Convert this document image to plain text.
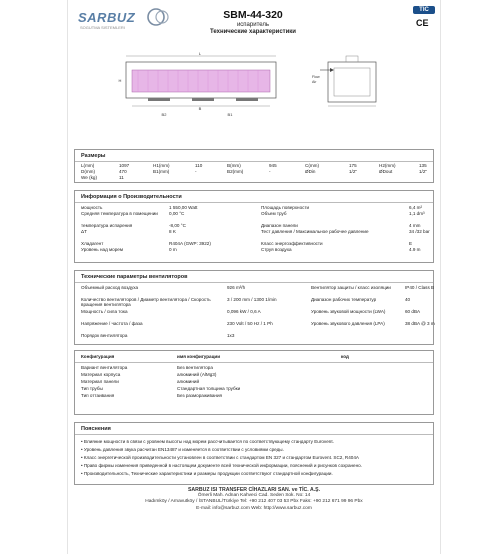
SARBUZ
SOGUTMA SISTEMLERI
SBM-44-320
испаритель
Технические характеристики
TIC
CE
L
B
B2	B1
H
Flow
Air
Размеры
L(mm)	1097	H1(mm)	110	B(mm)	945	C(mm)	175	H2(mm)	135
D(mm)	470	B1(mm)	-	B2(mm)	-	ØDin	1/2"	ØDout	1/2"
We (kg)	11
Информация о Производительности
мощность	1 550,00 Watt
Средняя температура в помещении 0,00 °C
температура испарения	-8,00 °C
ΔT	8 K
Хладагент	R404A (GWP: 3922)
Уровень над морем	0 m
Площадь поверхности	6,4 m²
Объем труб	1,1 dm³
Диапазон панели	4 mm
Тест давления / Максимальное рабочее давление	34 /32 bar
Класс энергоэффективности	E
Струя воздуха	4.9 m
Технические параметры вентиляторов
Объемный расход воздуха	926 m³/h
Количество вентиляторов / Диаметр вентилятора / Скорость вращения вентилятора
3 / 200 mm / 1300 1/min
Мощность / сила тока	0,096 kW / 0,6 A
Напряжение / частота / фаза	230 Volt / 50 Hz / 1 Ph
Порядок вентилятора	1x3
Вентилятор защиты / класс изоляции	IP40 / Class B
Диапазон рабочих температур	40
Уровень звуковой мощности (LWA)	60 dBA
Уровень звукового давления (LPA)	38 dBA @ 3 m
Конфигурация	имя конфигурации	код
Вариант вентилятора	Без вентилятора
Материал корпуса	алюминий (AlMg3)
Материал панели	алюминий
Тип трубы	Стандартная толщина трубки
Тип оттаивания	Без размораживания
Пояснения
• Влияние мощности в связи с уровнем высоты над морем рассчитывается по соответствующему стандарту Eurovent.
• Уровень давления звука расчитан EN13487 и изменяется в соответствии с условиями среды.
• Класс энергетической производительности установлен в соответствии с стандартом EN 327 и стандартом Eurovent. SC2, R404A
• Право фирмы изменения приведенной в настоящем документе всей технической информации, пояснений и рисунков сохранено.
• Производительность, Технические характеристики и размеры продукции соответствуют стандартной конфигурации.
SARBUZ ISI TRANSFER CİHAZLARI SAN. ve TİC. A.Ş.
Ömerli Mah. Adnan Kahveci Cad. Seden Sok. No: 14
Hadımköy / Arnavutköy / İSTANBUL/Türkiye Tel: +90 212 407 03 53 Pbx Faks: +90 212 671 99 96 Pbx
E-mail: info@sarbuz.com Web: http://www.sarbuz.com
